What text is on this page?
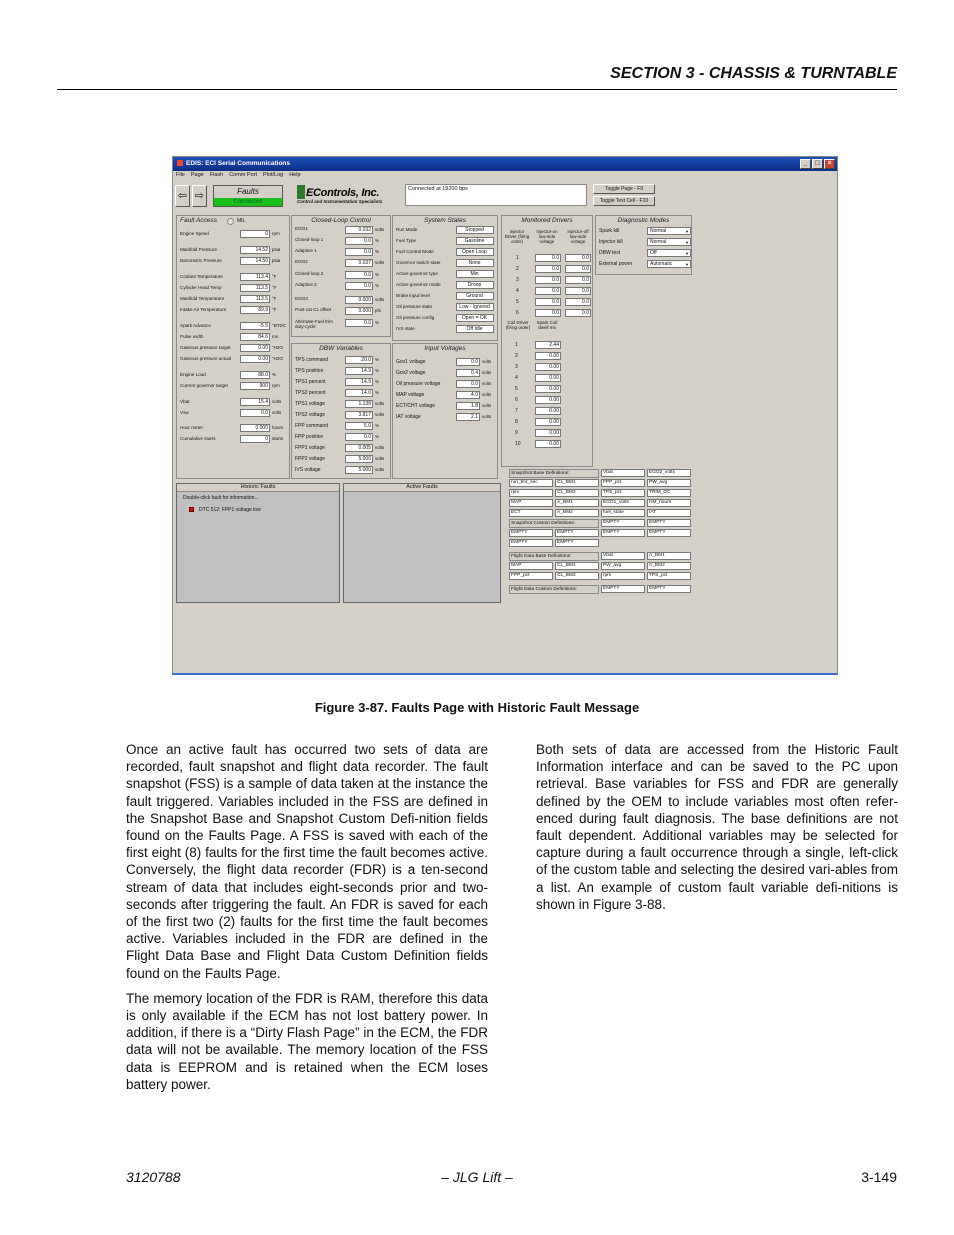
SECTION 3 - CHASSIS & TURNTABLE
EDIS: ECI Serial Communications	_	□	×
File Page Flash Comm Port Plot/Log Help
⇦ ⇨	Faults
Connected
EControls, Inc.
Control and Instrumentation Specialists
Connected at 19200 bps	Toggle Page - F9
Toggle Text Cell - F10
Fault Access	MIL
Engine Speed	0 rpm
Manifold Pressure	14.52 psia
Barometric Pressure	14.50 psia
Coolant Temperature	113.4 °F
Cylinder Head Temp	113.5 °F
Manifold Temperature	113.5 °F
Intake Air Temperature	89.9 °F
Spark Advance	-5.5 °BTDC
Pulse width	84.6 ms
Gaseous pressure target	0.00 "H2O
Gaseous pressure actual	0.00 "H2O
Engine Load	88.0 %
Current governor target	900 rpm
Vbat	15.4 volts
Vsw	0.0 volts
Hour meter	0.000 hours
Cumulative starts	0 starts
Closed-Loop Control
EGO1	0.032 volts
Closed-loop 1	0.0 %
Adaptive 1	0.0 %
EGO2	0.037 volts
Closed-loop 2	0.0 %
Adaptive 2	0.0 %
EGO3	0.000 volts
Post-cat CL offset	0.000 phi
Alternate-Fuel trim duty-cycle	0.0 %
DBW Variables
TPS command	20.0 %
TPS position	14.9 %
TPS1 percent	14.9 %
TPS2 percent	14.0 %
TPS1 voltage	1.138 volts
TPS2 voltage	3.817 volts
FPP command	5.0 %
FPP position	0.0 %
FPP1 voltage	0.005 volts
FPP2 voltage	5.000 volts
IVS voltage	5.000 volts
System States
Run Mode	Stopped
Fuel Type	Gasoline
Fuel Control Mode	Open Loop
Governor switch state	None
Active governor type	Min
Active governor mode	Droop
Brake input level	Ground
Oil pressure state	Low - Ignored
Oil pressure config	Open = OK
IVS state	Off Idle
Input Voltages
Gov1 voltage	0.0 volts
Gov2 voltage	0.4 volts
Oil pressure voltage	0.0 volts
MAP voltage	4.0 volts
ECT/CHT voltage	1.8 volts
IAT voltage	2.1 volts
Monitored Drivers
Injector Driver (firing order)
Injector-on low-side voltage
Injector-off low-side voltage
1	0.0	0.0
2	0.0	0.0
3	0.0	0.0
4	0.0	0.0
5	0.0	0.0
6	0.0	0.0
Coil Driver (firing order)
Spark Coil dwell ms
1	2.44
2	0.00
3	0.00
4	0.00
5	0.00
6	0.00
7	0.00
8	0.00
9	0.00
10	0.00
Diagnostic Modes
Spark kill	Normal	▼
Injector kill	Normal	▼
DBW test	Off	▼
External power	Automatic	▼
SnapShot Base Definitions:	Vbat	EGO2_volts
run_tmr_sec	CL_BM1	FPP_pct	PW_avg
rpm	CL_BM2	TPS_pct	TRIM_DC
MAP	A_BM1	EGO1_volts	HM_hours
ECT	A_BM2	fuel_state	IAT
SnapShot Custom Definitions:	EMPTY	EMPTY
EMPTY	EMPTY	EMPTY	EMPTY
EMPTY	EMPTY
Flight Data Base Definitions:	Vbat	A_BM1
MAP	CL_BM1	PW_avg	A_BM2
FPP_pct	CL_BM2	rpm	TPS_pct
Flight Data Custom Definitions:	EMPTY	EMPTY
Historic Faults
Double-click fault for information...
DTC 512: FPP1 voltage low
Active Faults
Figure 3-87. Faults Page with Historic Fault Message

Once an active fault has occurred two sets of data are recorded, fault snapshot and flight data recorder. The fault snapshot (FSS) is a sample of data taken at the instance the fault triggered. Variables included in the FSS are defined in the Snapshot Base and Snapshot Custom Defi-nition fields found on the Faults Page. A FSS is saved with each of the first eight (8) faults for the first time the fault becomes active. Conversely, the flight data recorder (FDR) is a ten-second stream of data that includes eight-seconds prior and two-seconds after triggering the fault. An FDR is saved for each of the first two (2) faults for the first time the fault becomes active. Variables included in the FDR are defined in the Flight Data Base and Flight Data Custom Definition fields found on the Faults Page.

The memory location of the FDR is RAM, therefore this data is only available if the ECM has not lost battery power. In addition, if there is a “Dirty Flash Page” in the ECM, the FDR data will not be available. The memory location of the FSS data is EEPROM and is retained when the ECM loses battery power.

Both sets of data are accessed from the Historic Fault Information interface and can be saved to the PC upon retrieval. Base variables for FSS and FDR are generally defined by the OEM to include variables most often refer-enced during fault diagnosis. The base definitions are not fault dependent. Additional variables may be selected for capture during a fault occurrence through a single, left-click of the custom table and selecting the desired vari-ables from a list. An example of custom fault variable defi-nitions is shown in Figure 3-88.

3120788	– JLG Lift –	3-149
